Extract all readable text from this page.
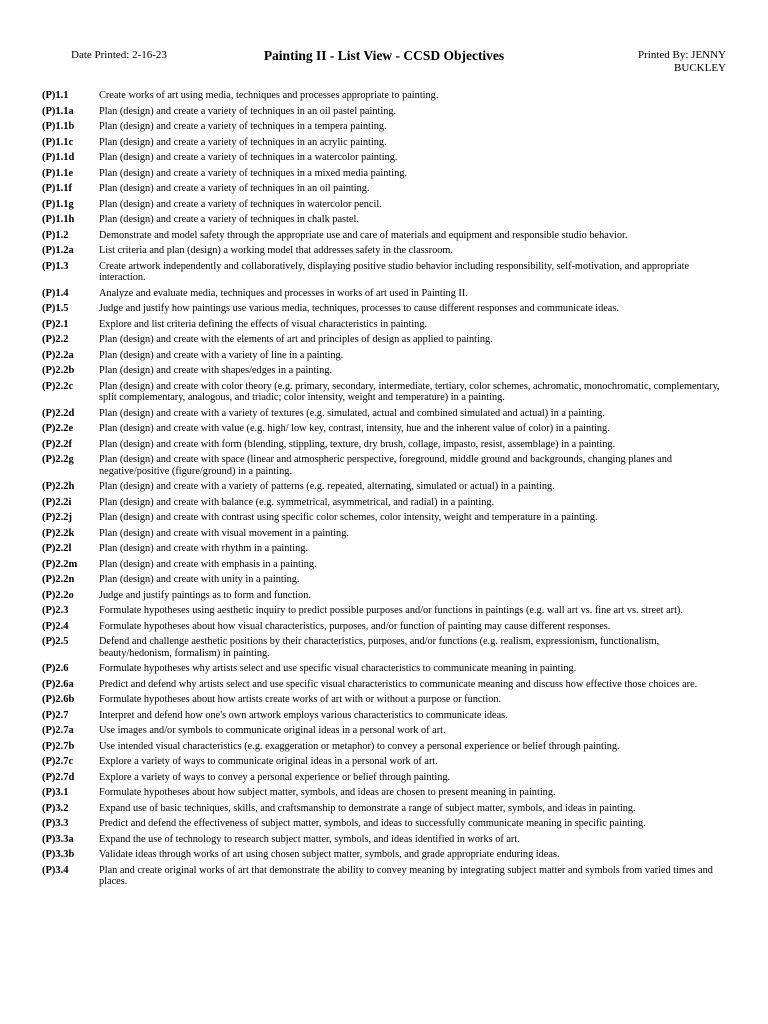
Date Printed: 2-16-23	Painting II - List View - CCSD Objectives	Printed By: JENNY BUCKLEY
(P)1.1	Create works of art using media, techniques and processes appropriate to painting.
(P)1.1a	Plan (design) and create a variety of techniques in an oil pastel painting.
(P)1.1b	Plan (design) and create a variety of techniques in a tempera painting.
(P)1.1c	Plan (design) and create a variety of techniques in an acrylic painting.
(P)1.1d	Plan (design) and create a variety of techniques in a watercolor painting.
(P)1.1e	Plan (design) and create a variety of techniques in a mixed media painting.
(P)1.1f	Plan (design) and create a variety of techniques in an oil painting.
(P)1.1g	Plan (design) and create a variety of techniques in watercolor pencil.
(P)1.1h	Plan (design) and create a variety of techniques in chalk pastel.
(P)1.2	Demonstrate and model safety through the appropriate use and care of materials and equipment and responsible studio behavior.
(P)1.2a	List criteria and plan (design) a working model that addresses safety in the classroom.
(P)1.3	Create artwork independently and collaboratively, displaying positive studio behavior including responsibility, self-motivation, and appropriate interaction.
(P)1.4	Analyze and evaluate media, techniques and processes in works of art used in Painting II.
(P)1.5	Judge and justify how paintings use various media, techniques, processes to cause different responses and communicate ideas.
(P)2.1	Explore and list criteria defining the effects of visual characteristics in painting.
(P)2.2	Plan (design) and create with the elements of art and principles of design as applied to painting.
(P)2.2a	Plan (design) and create with a variety of line in a painting.
(P)2.2b	Plan (design) and create with shapes/edges in a painting.
(P)2.2c	Plan (design) and create with color theory (e.g. primary, secondary, intermediate, tertiary, color schemes, achromatic, monochromatic, complementary, split complementary, analogous, and triadic; color intensity, weight and temperature) in a painting.
(P)2.2d	Plan (design) and create with a variety of textures (e.g. simulated, actual and combined simulated and actual) in a painting.
(P)2.2e	Plan (design) and create with value (e.g. high/ low key, contrast, intensity, hue and the inherent value of color) in a painting.
(P)2.2f	Plan (design) and create with form (blending, stippling, texture, dry brush, collage, impasto, resist, assemblage) in a painting.
(P)2.2g	Plan (design) and create with space (linear and atmospheric perspective, foreground, middle ground and backgrounds, changing planes and negative/positive (figure/ground) in a painting.
(P)2.2h	Plan (design) and create with a variety of patterns (e.g. repeated, alternating, simulated or actual) in a painting.
(P)2.2i	Plan (design) and create with balance (e.g. symmetrical, asymmetrical, and radial) in a painting.
(P)2.2j	Plan (design) and create with contrast using specific color schemes, color intensity, weight and temperature in a painting.
(P)2.2k	Plan (design) and create with visual movement in a painting.
(P)2.2l	Plan (design) and create with rhythm in a painting.
(P)2.2m	Plan (design) and create with emphasis in a painting.
(P)2.2n	Plan (design) and create with unity in a painting.
(P)2.2o	Judge and justify paintings as to form and function.
(P)2.3	Formulate hypotheses using aesthetic inquiry to predict possible purposes and/or functions in paintings (e.g. wall art vs. fine art vs. street art).
(P)2.4	Formulate hypotheses about how visual characteristics, purposes, and/or function of painting may cause different responses.
(P)2.5	Defend and challenge aesthetic positions by their characteristics, purposes, and/or functions (e.g. realism, expressionism, functionalism, beauty/hedonism, formalism) in painting.
(P)2.6	Formulate hypotheses why artists select and use specific visual characteristics to communicate meaning in painting.
(P)2.6a	Predict and defend why artists select and use specific visual characteristics to communicate meaning and discuss how effective those choices are.
(P)2.6b	Formulate hypotheses about how artists create works of art with or without a purpose or function.
(P)2.7	Interpret and defend how one's own artwork employs various characteristics to communicate ideas.
(P)2.7a	Use images and/or symbols to communicate original ideas in a personal work of art.
(P)2.7b	Use intended visual characteristics (e.g. exaggeration or metaphor) to convey a personal experience or belief through painting.
(P)2.7c	Explore a variety of ways to communicate original ideas in a personal work of art.
(P)2.7d	Explore a variety of ways to convey a personal experience or belief through painting.
(P)3.1	Formulate hypotheses about how subject matter, symbols, and ideas are chosen to present meaning in painting.
(P)3.2	Expand use of basic techniques, skills, and craftsmanship to demonstrate a range of subject matter, symbols, and ideas in painting.
(P)3.3	Predict and defend the effectiveness of subject matter, symbols, and ideas to successfully communicate meaning in specific painting.
(P)3.3a	Expand the use of technology to research subject matter, symbols, and ideas identified in works of art.
(P)3.3b	Validate ideas through works of art using chosen subject matter, symbols, and grade appropriate enduring ideas.
(P)3.4	Plan and create original works of art that demonstrate the ability to convey meaning by integrating subject matter and symbols from varied times and places.
